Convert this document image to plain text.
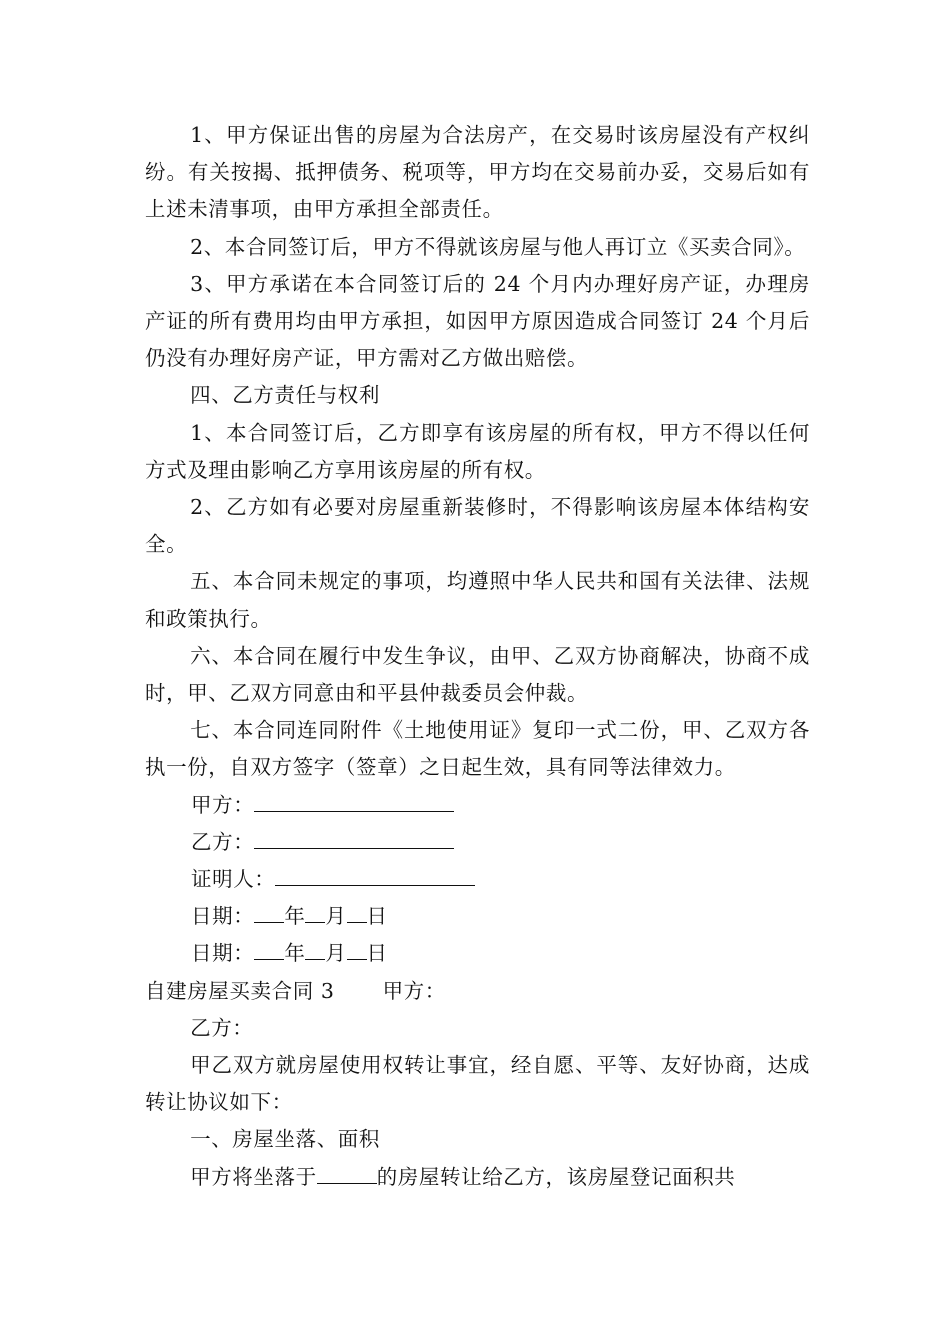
1、甲方保证出售的房屋为合法房产，在交易时该房屋没有产权纠纷。有关按揭、抵押债务、税项等，甲方均在交易前办妥，交易后如有上述未清事项，由甲方承担全部责任。

2、本合同签订后，甲方不得就该房屋与他人再订立《买卖合同》。

3、甲方承诺在本合同签订后的 24 个月内办理好房产证，办理房产证的所有费用均由甲方承担，如因甲方原因造成合同签订 24 个月后仍没有办理好房产证，甲方需对乙方做出赔偿。

四、乙方责任与权利

1、本合同签订后，乙方即享有该房屋的所有权，甲方不得以任何方式及理由影响乙方享用该房屋的所有权。

2、乙方如有必要对房屋重新装修时，不得影响该房屋本体结构安全。

五、本合同未规定的事项，均遵照中华人民共和国有关法律、法规和政策执行。

六、本合同在履行中发生争议，由甲、乙双方协商解决，协商不成时，甲、乙双方同意由和平县仲裁委员会仲裁。

七、本合同连同附件《土地使用证》复印一式二份，甲、乙双方各执一份，自双方签字（签章）之日起生效，具有同等法律效力。

甲方：

乙方：

证明人：

日期： 年 月 日

日期： 年 月 日

自建房屋买卖合同 3 甲方：

乙方：

甲乙双方就房屋使用权转让事宜，经自愿、平等、友好协商，达成转让协议如下：

一、房屋坐落、面积

甲方将坐落于	的房屋转让给乙方，该房屋登记面积共
